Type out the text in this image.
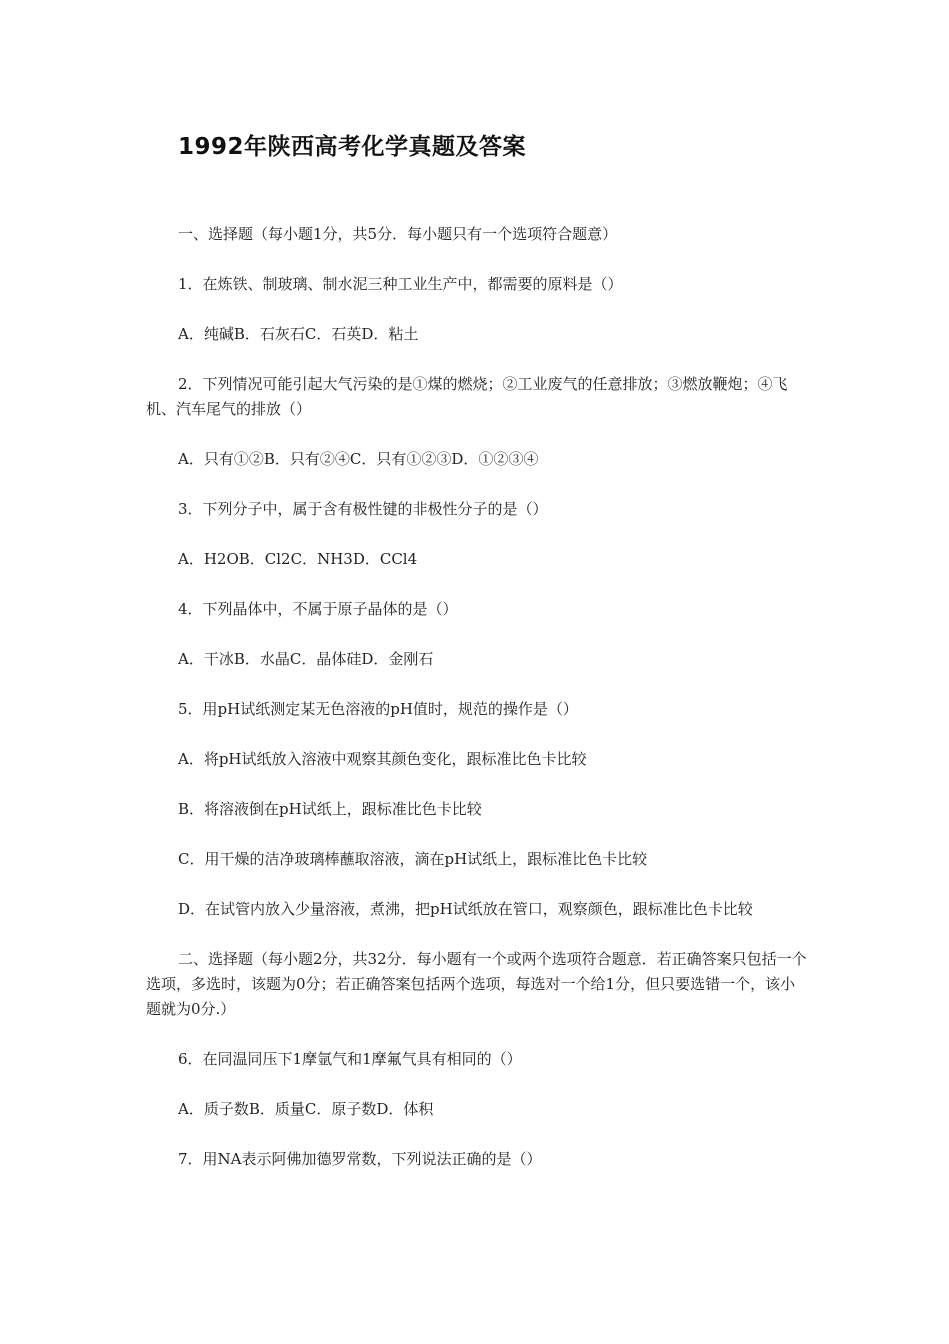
1992年陕西高考化学真题及答案

一、选择题（每小题1分，共5分．每小题只有一个选项符合题意）

1．在炼铁、制玻璃、制水泥三种工业生产中，都需要的原料是（）

A．纯碱B．石灰石C．石英D．粘土

2．下列情况可能引起大气污染的是①煤的燃烧；②工业废气的任意排放；③燃放鞭炮；④飞机、汽车尾气的排放（）

A．只有①②B．只有②④C．只有①②③D．①②③④

3．下列分子中，属于含有极性键的非极性分子的是（）

A．H2OB．Cl2C．NH3D．CCl4

4．下列晶体中，不属于原子晶体的是（）

A．干冰B．水晶C．晶体硅D．金刚石

5．用pH试纸测定某无色溶液的pH值时，规范的操作是（）

A．将pH试纸放入溶液中观察其颜色变化，跟标准比色卡比较

B．将溶液倒在pH试纸上，跟标准比色卡比较

C．用干燥的洁净玻璃棒蘸取溶液，滴在pH试纸上，跟标准比色卡比较

D．在试管内放入少量溶液，煮沸，把pH试纸放在管口，观察颜色，跟标准比色卡比较

二、选择题（每小题2分，共32分．每小题有一个或两个选项符合题意．若正确答案只包括一个选项，多选时，该题为0分；若正确答案包括两个选项，每选对一个给1分，但只要选错一个，该小题就为0分.）

6．在同温同压下1摩氩气和1摩氟气具有相同的（）

A．质子数B．质量C．原子数D．体积

7．用NA表示阿佛加德罗常数，下列说法正确的是（）
